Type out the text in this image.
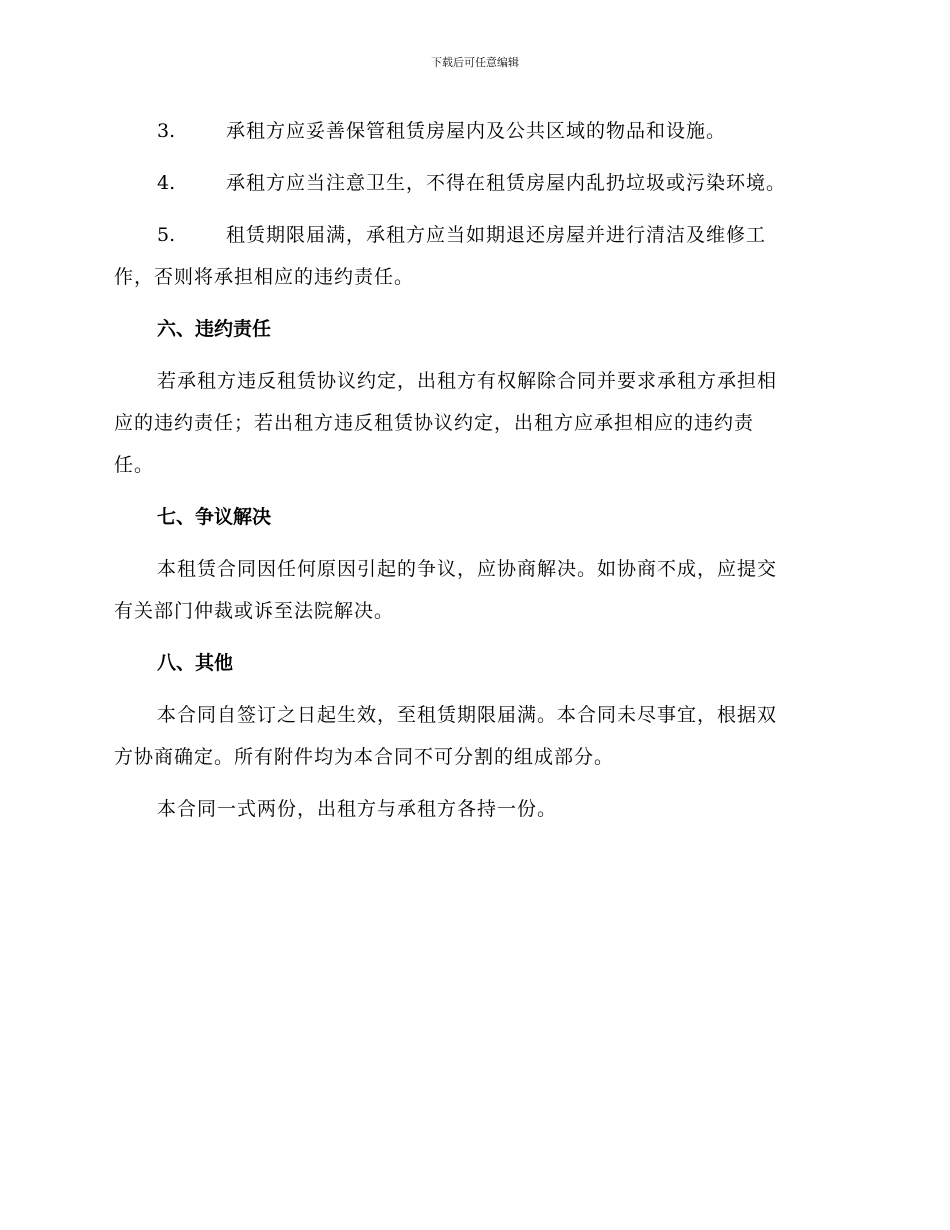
下载后可任意编辑
3.	承租方应妥善保管租赁房屋内及公共区域的物品和设施。
4.	承租方应当注意卫生，不得在租赁房屋内乱扔垃圾或污染环境。
5.	租赁期限届满，承租方应当如期退还房屋并进行清洁及维修工
作，否则将承担相应的违约责任。
六、违约责任
若承租方违反租赁协议约定，出租方有权解除合同并要求承租方承担相
应的违约责任；若出租方违反租赁协议约定，出租方应承担相应的违约责
任。
七、争议解决
本租赁合同因任何原因引起的争议，应协商解决。如协商不成，应提交
有关部门仲裁或诉至法院解决。
八、其他
本合同自签订之日起生效，至租赁期限届满。本合同未尽事宜，根据双
方协商确定。所有附件均为本合同不可分割的组成部分。
本合同一式两份，出租方与承租方各持一份。
